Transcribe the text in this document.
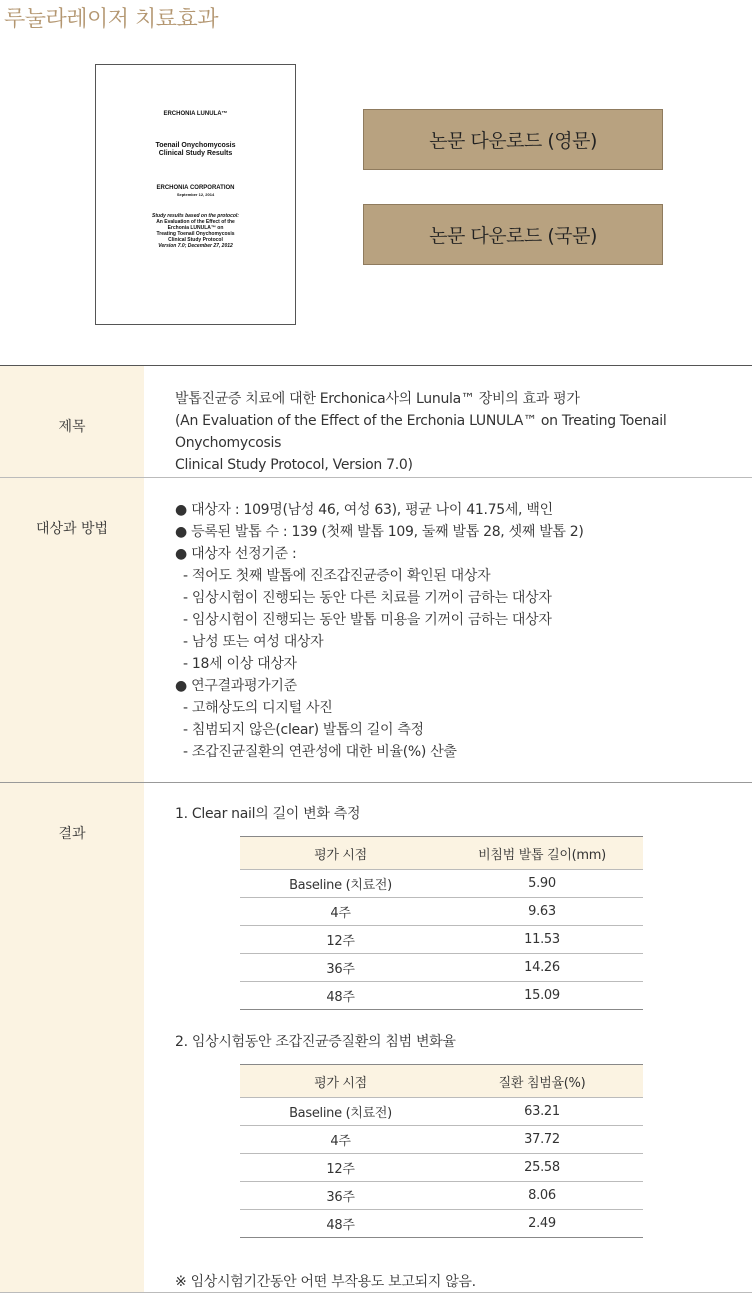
루눌라레이저 치료효과
ERCHONIA LUNULA™
Toenail Onychomycosis
Clinical Study Results
ERCHONIA CORPORATION
September 12, 2014
Study results based on the protocol:
An Evaluation of the Effect of the
Erchonia LUNULA™ on
Treating Toenail Onychomycosis
Clinical Study Protocol
Version 7.0; December 27, 2012
논문 다운로드 (영문)
논문 다운로드 (국문)
제목
발톱진균증 치료에 대한 Erchonica사의 Lunula™ 장비의 효과 평가
(An Evaluation of the Effect of the Erchonia LUNULA™ on Treating Toenail Onychomycosis
Clinical Study Protocol, Version 7.0)
대상과 방법
● 대상자 : 109명(남성 46, 여성 63), 평균 나이 41.75세, 백인
● 등록된 발톱 수 : 139 (첫째 발톱 109, 둘째 발톱 28, 셋째 발톱 2)
● 대상자 선정기준 :
- 적어도 첫째 발톱에 진조갑진균증이 확인된 대상자
- 임상시험이 진행되는 동안 다른 치료를 기꺼이 금하는 대상자
- 임상시험이 진행되는 동안 발톱 미용을 기꺼이 금하는 대상자
- 남성 또는 여성 대상자
- 18세 이상 대상자
● 연구결과평가기준
- 고해상도의 디지털 사진
- 침범되지 않은(clear) 발톱의 길이 측정
- 조갑진균질환의 연관성에 대한 비율(%) 산출
결과
1. Clear nail의 길이 변화 측정
평가 시점	비침범 발톱 길이(mm)
Baseline (치료전)	5.90
4주	9.63
12주	11.53
36주	14.26
48주	15.09
2. 임상시험동안 조갑진균증질환의 침범 변화율
평가 시점	질환 침범율(%)
Baseline (치료전)	63.21
4주	37.72
12주	25.58
36주	8.06
48주	2.49
※ 임상시험기간동안 어떤 부작용도 보고되지 않음.
